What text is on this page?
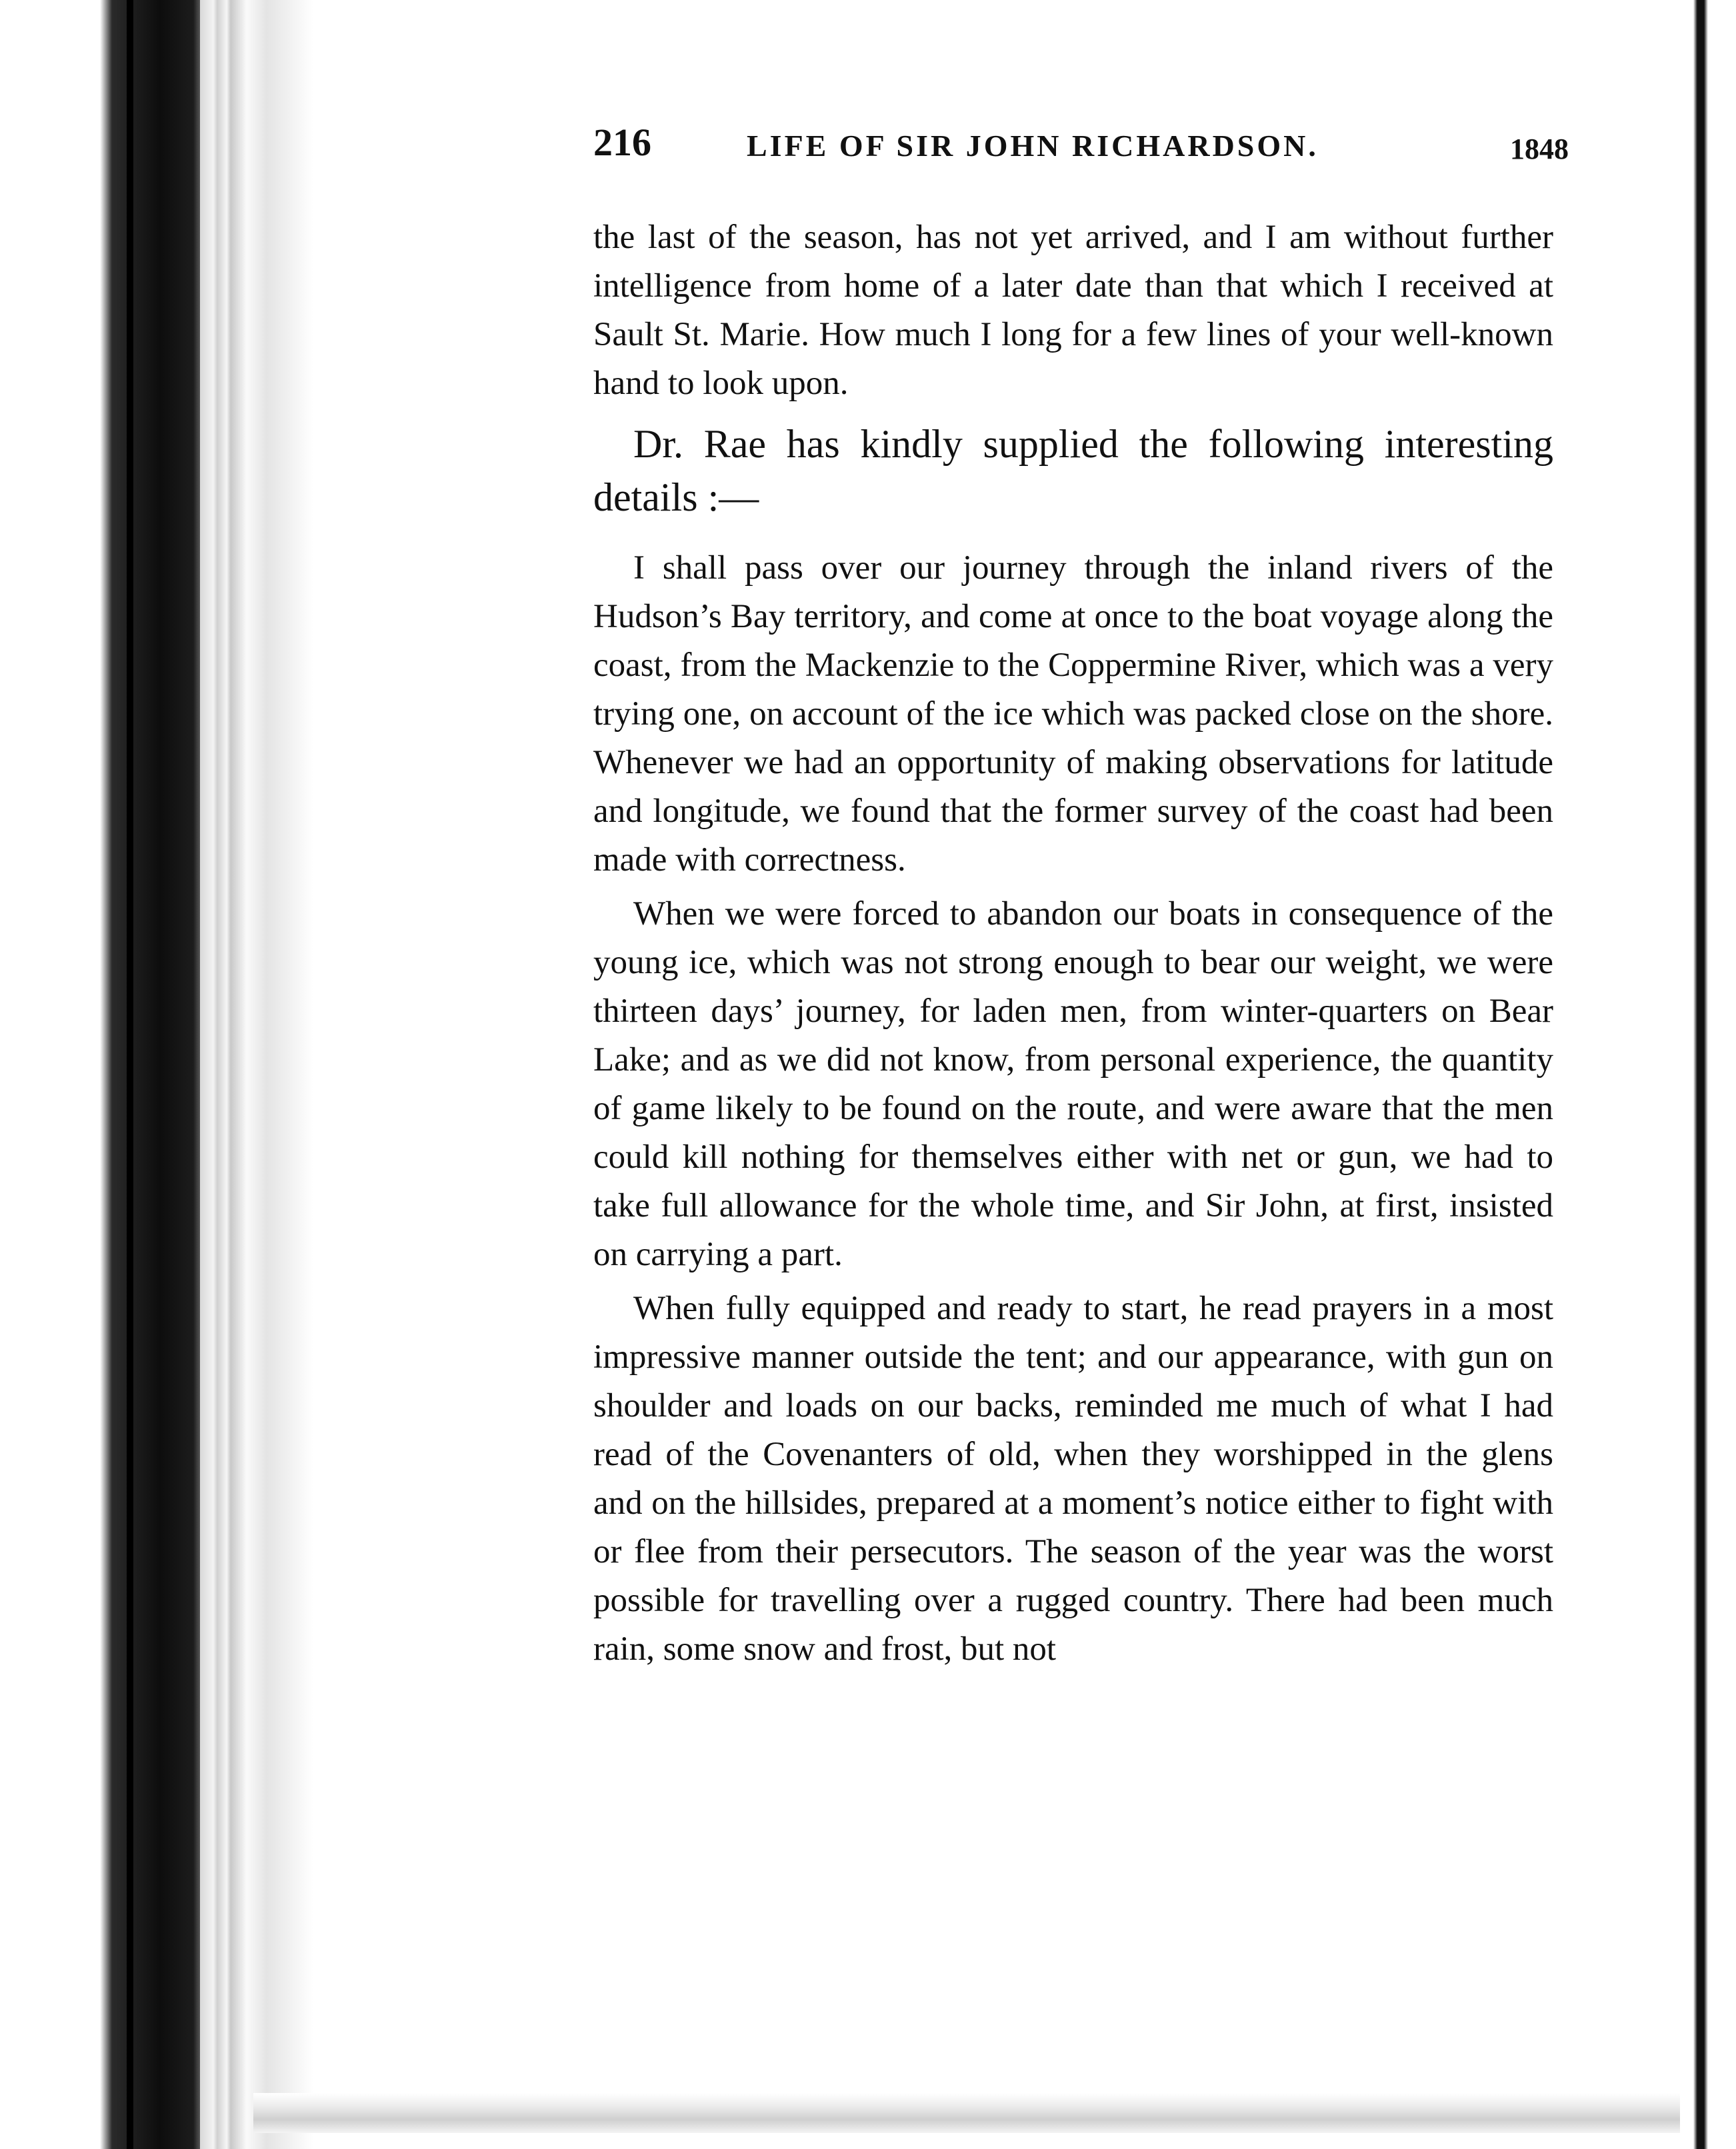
216	LIFE OF SIR JOHN RICHARDSON.	1848

the last of the season, has not yet arrived, and I am without further intelligence from home of a later date than that which I received at Sault St. Marie. How much I long for a few lines of your well-known hand to look upon.

Dr. Rae has kindly supplied the following interesting details :—

I shall pass over our journey through the inland rivers of the Hudson’s Bay territory, and come at once to the boat voyage along the coast, from the Mackenzie to the Coppermine River, which was a very trying one, on account of the ice which was packed close on the shore. Whenever we had an opportunity of making observations for latitude and longitude, we found that the former survey of the coast had been made with correctness.

When we were forced to abandon our boats in consequence of the young ice, which was not strong enough to bear our weight, we were thirteen days’ journey, for laden men, from winter-quarters on Bear Lake; and as we did not know, from personal experience, the quantity of game likely to be found on the route, and were aware that the men could kill nothing for themselves either with net or gun, we had to take full allowance for the whole time, and Sir John, at first, insisted on carrying a part.

When fully equipped and ready to start, he read prayers in a most impressive manner outside the tent; and our appearance, with gun on shoulder and loads on our backs, reminded me much of what I had read of the Covenanters of old, when they worshipped in the glens and on the hillsides, prepared at a moment’s notice either to fight with or flee from their persecutors. The season of the year was the worst possible for travelling over a rugged country. There had been much rain, some snow and frost, but not
